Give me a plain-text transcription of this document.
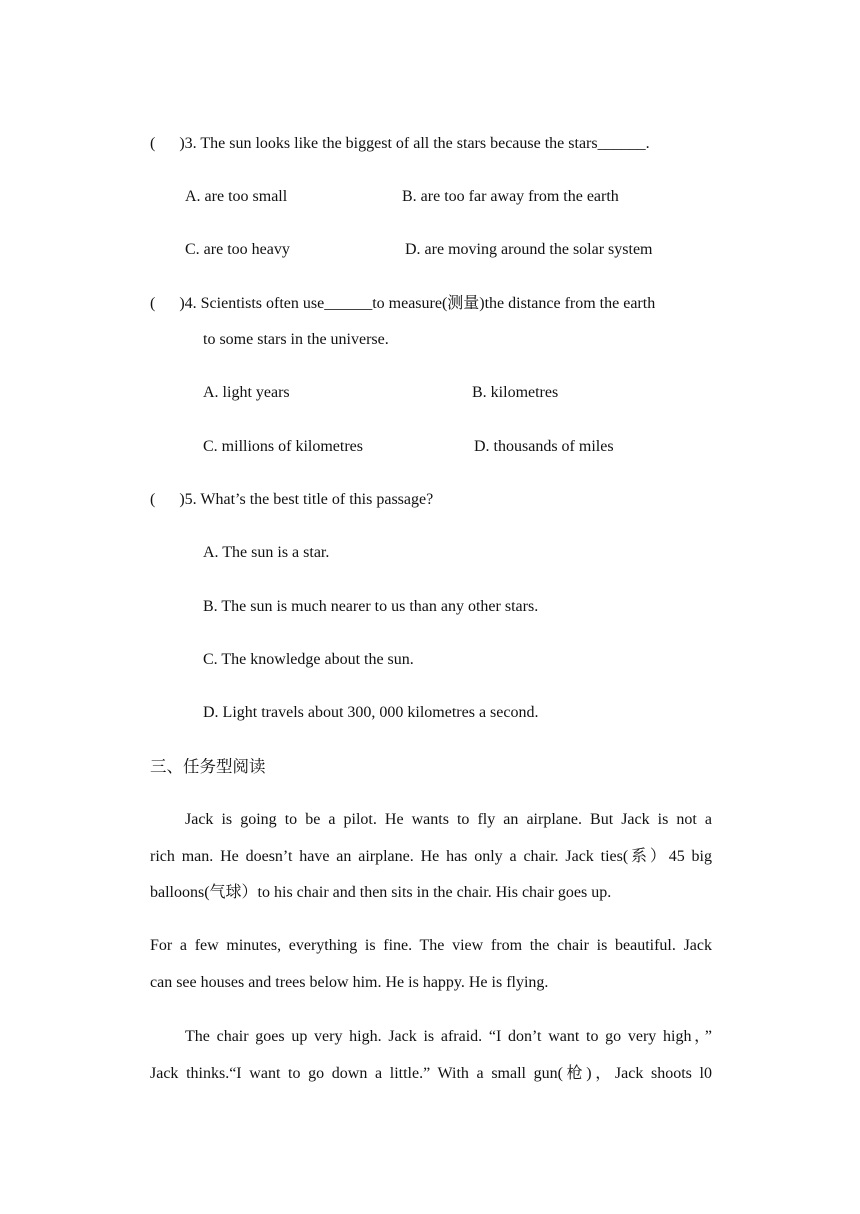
(      )3. The sun looks like the biggest of all the stars because the stars______.
A. are too small	B. are too far away from the earth
C. are too heavy	D. are moving around the solar system
(      )4. Scientists often use______to measure(测量)the distance from the earth
to some stars in the universe.
A. light years	B. kilometres
C. millions of kilometres	D. thousands of miles
(      )5. What’s the best title of this passage?
A. The sun is a star.
B. The sun is much nearer to us than any other stars.
C. The knowledge about the sun.
D. Light travels about 300, 000 kilometres a second.
三、任务型阅读
Jack is going to be a pilot. He wants to fly an airplane. But Jack is not a
rich man. He doesn’t have an airplane. He has only a chair. Jack ties(系）45 big
balloons(气球）to his chair and then sits in the chair. His chair goes up.
For a few minutes, everything is fine. The view from the chair is beautiful. Jack
can see houses and trees below him. He is happy. He is flying.
The chair goes up very high. Jack is afraid. “I don’t want to go very high，”
Jack thinks.“I want to go down a little.” With a small gun(枪)，Jack shoots l0
